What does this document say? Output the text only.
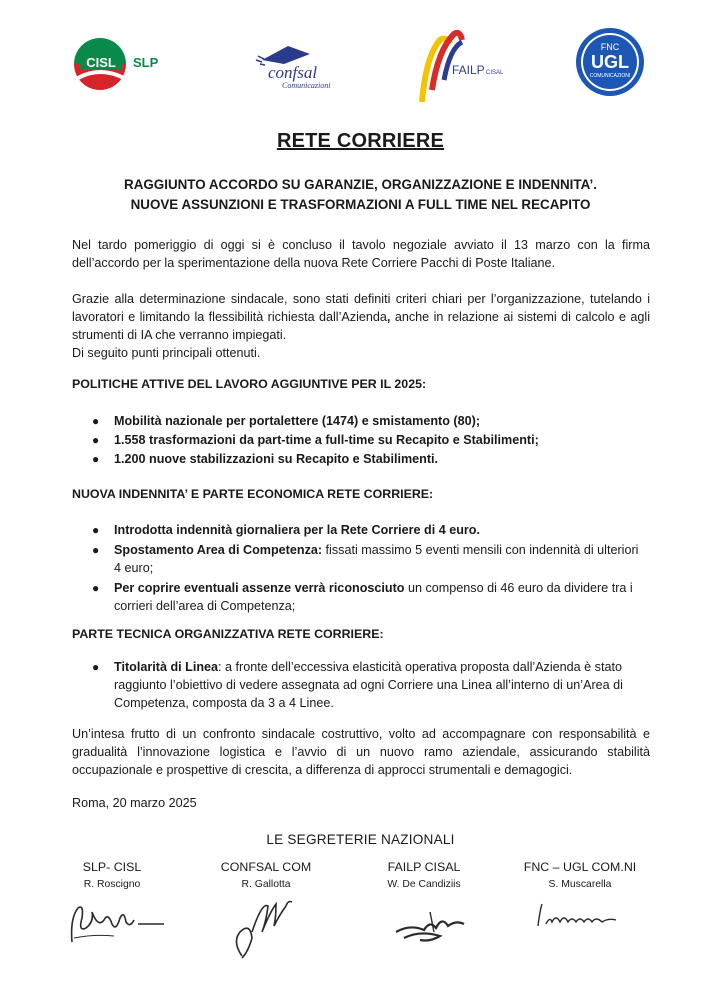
CISL SLP
confsal
Comunicazioni
FAILP CISAL
FNC
UGL
COMUNICAZIONI
RETE CORRIERE
RAGGIUNTO ACCORDO SU GARANZIE, ORGANIZZAZIONE E INDENNITA’.
NUOVE ASSUNZIONI E TRASFORMAZIONI A FULL TIME NEL RECAPITO
Nel tardo pomeriggio di oggi si è concluso il tavolo negoziale avviato il 13 marzo con la firma dell’accordo per la sperimentazione della nuova Rete Corriere Pacchi di Poste Italiane.
Grazie alla determinazione sindacale, sono stati definiti criteri chiari per l’organizzazione, tutelando i lavoratori e limitando la flessibilità richiesta dall’Azienda, anche in relazione ai sistemi di calcolo e agli strumenti di IA che verranno impiegati.
Di seguito punti principali ottenuti.
POLITICHE ATTIVE DEL LAVORO AGGIUNTIVE PER IL 2025:
● Mobilità nazionale per portalettere (1474) e smistamento (80);
● 1.558 trasformazioni da part-time a full-time su Recapito e Stabilimenti;
● 1.200 nuove stabilizzazioni su Recapito e Stabilimenti.
NUOVA INDENNITA’ E PARTE ECONOMICA RETE CORRIERE:
● Introdotta indennità giornaliera per la Rete Corriere di 4 euro.
● Spostamento Area di Competenza: fissati massimo 5 eventi mensili con indennità di ulteriori 4 euro;
● Per coprire eventuali assenze verrà riconosciuto un compenso di 46 euro da dividere tra i corrieri dell’area di Competenza;
PARTE TECNICA ORGANIZZATIVA RETE CORRIERE:
● Titolarità di Linea: a fronte dell’eccessiva elasticità operativa proposta dall’Azienda è stato raggiunto l’obiettivo di vedere assegnata ad ogni Corriere una Linea all’interno di un’Area di Competenza, composta da 3 a 4 Linee.
Un’intesa frutto di un confronto sindacale costruttivo, volto ad accompagnare con responsabilità e gradualità l’innovazione logistica e l’avvio di un nuovo ramo aziendale, assicurando stabilità occupazionale e prospettive di crescita, a differenza di approcci strumentali e demagogici.
Roma, 20 marzo 2025
LE SEGRETERIE NAZIONALI
SLP- CISL
R. Roscigno
CONFSAL COM
R. Gallotta
FAILP CISAL
W. De Candiziis
FNC – UGL COM.NI
S. Muscarella
